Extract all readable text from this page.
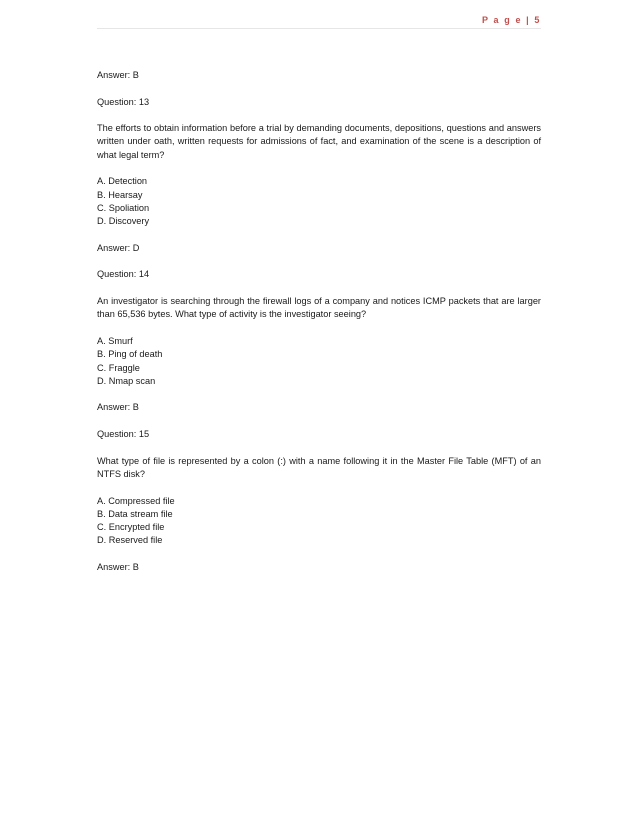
P a g e | 5

Answer: B

Question: 13

The efforts to obtain information before a trial by demanding documents, depositions, questions and answers written under oath, written requests for admissions of fact, and examination of the scene is a description of what legal term?

A. Detection
B. Hearsay
C. Spoliation
D. Discovery

Answer: D

Question: 14

An investigator is searching through the firewall logs of a company and notices ICMP packets that are larger than 65,536 bytes. What type of activity is the investigator seeing?

A. Smurf
B. Ping of death
C. Fraggle
D. Nmap scan

Answer: B

Question: 15

What type of file is represented by a colon (:) with a name following it in the Master File Table (MFT) of an NTFS disk?

A. Compressed file
B. Data stream file
C. Encrypted file
D. Reserved file

Answer: B
